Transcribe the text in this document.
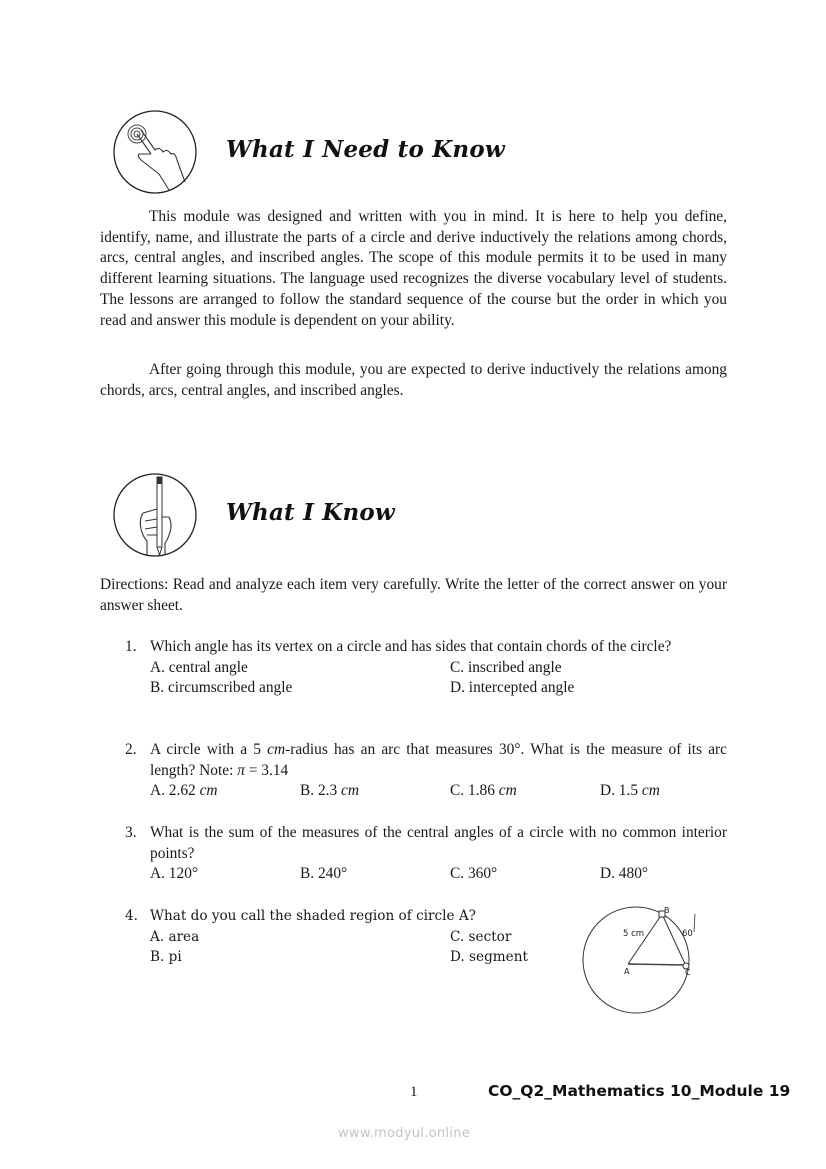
What I Need to Know
This module was designed and written with you in mind. It is here to help you define, identify, name, and illustrate the parts of a circle and derive inductively the relations among chords, arcs, central angles, and inscribed angles. The scope of this module permits it to be used in many different learning situations. The language used recognizes the diverse vocabulary level of students. The lessons are arranged to follow the standard sequence of the course but the order in which you read and answer this module is dependent on your ability.
After going through this module, you are expected to derive inductively the relations among chords, arcs, central angles, and inscribed angles.
What I Know
Directions: Read and analyze each item very carefully. Write the letter of the correct answer on your answer sheet.
1. Which angle has its vertex on a circle and has sides that contain chords of the circle?
A. central angle	C. inscribed angle
B. circumscribed angle	D. intercepted angle
2. A circle with a 5 cm-radius has an arc that measures 30°. What is the measure of its arc length? Note: π = 3.14
A. 2.62 cm	B. 2.3 cm	C. 1.86 cm	D. 1.5 cm
3. What is the sum of the measures of the central angles of a circle with no common interior points?
A. 120°	B. 240°	C. 360°	D. 480°
4. What do you call the shaded region of circle A?
A. area	C. sector
B. pi	D. segment
5 cm	60
A
B
C
1	CO_Q2_Mathematics 10_Module 19
www.modyul.online
